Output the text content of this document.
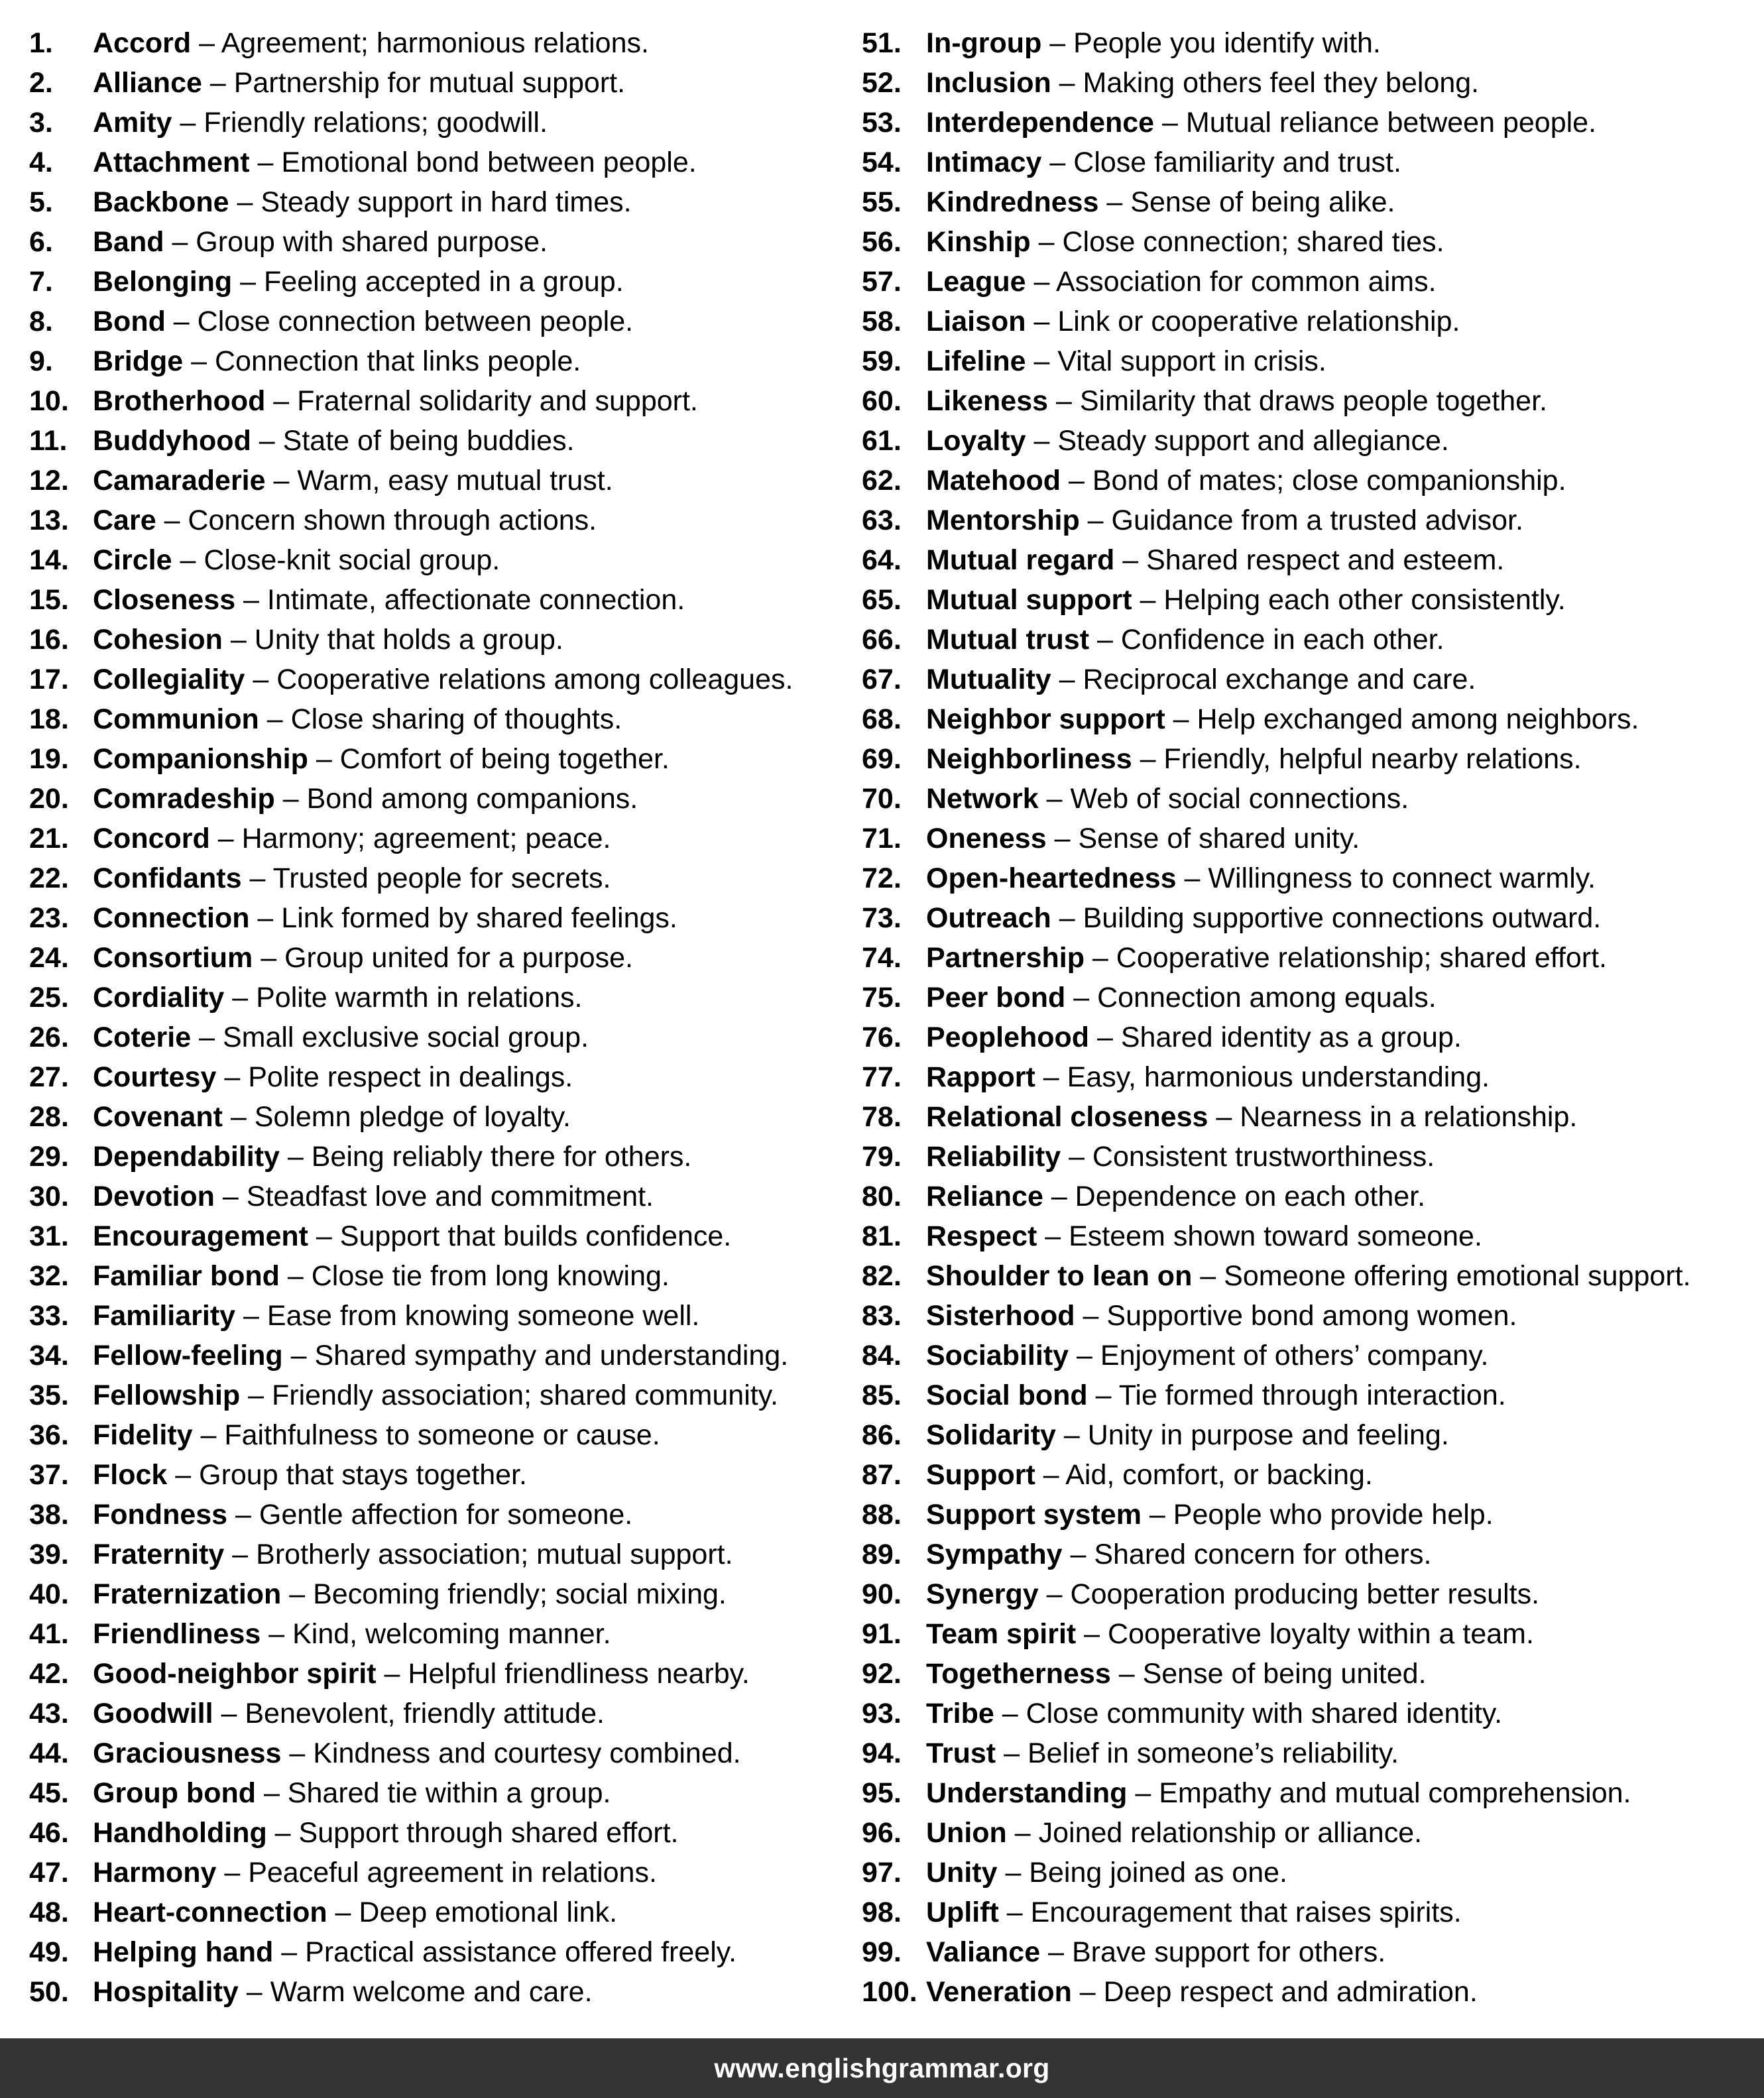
1. Accord – Agreement; harmonious relations.
2. Alliance – Partnership for mutual support.
3. Amity – Friendly relations; goodwill.
4. Attachment – Emotional bond between people.
5. Backbone – Steady support in hard times.
6. Band – Group with shared purpose.
7. Belonging – Feeling accepted in a group.
8. Bond – Close connection between people.
9. Bridge – Connection that links people.
10. Brotherhood – Fraternal solidarity and support.
11. Buddyhood – State of being buddies.
12. Camaraderie – Warm, easy mutual trust.
13. Care – Concern shown through actions.
14. Circle – Close-knit social group.
15. Closeness – Intimate, affectionate connection.
16. Cohesion – Unity that holds a group.
17. Collegiality – Cooperative relations among colleagues.
18. Communion – Close sharing of thoughts.
19. Companionship – Comfort of being together.
20. Comradeship – Bond among companions.
21. Concord – Harmony; agreement; peace.
22. Confidants – Trusted people for secrets.
23. Connection – Link formed by shared feelings.
24. Consortium – Group united for a purpose.
25. Cordiality – Polite warmth in relations.
26. Coterie – Small exclusive social group.
27. Courtesy – Polite respect in dealings.
28. Covenant – Solemn pledge of loyalty.
29. Dependability – Being reliably there for others.
30. Devotion – Steadfast love and commitment.
31. Encouragement – Support that builds confidence.
32. Familiar bond – Close tie from long knowing.
33. Familiarity – Ease from knowing someone well.
34. Fellow-feeling – Shared sympathy and understanding.
35. Fellowship – Friendly association; shared community.
36. Fidelity – Faithfulness to someone or cause.
37. Flock – Group that stays together.
38. Fondness – Gentle affection for someone.
39. Fraternity – Brotherly association; mutual support.
40. Fraternization – Becoming friendly; social mixing.
41. Friendliness – Kind, welcoming manner.
42. Good-neighbor spirit – Helpful friendliness nearby.
43. Goodwill – Benevolent, friendly attitude.
44. Graciousness – Kindness and courtesy combined.
45. Group bond – Shared tie within a group.
46. Handholding – Support through shared effort.
47. Harmony – Peaceful agreement in relations.
48. Heart-connection – Deep emotional link.
49. Helping hand – Practical assistance offered freely.
50. Hospitality – Warm welcome and care.
51. In-group – People you identify with.
52. Inclusion – Making others feel they belong.
53. Interdependence – Mutual reliance between people.
54. Intimacy – Close familiarity and trust.
55. Kindredness – Sense of being alike.
56. Kinship – Close connection; shared ties.
57. League – Association for common aims.
58. Liaison – Link or cooperative relationship.
59. Lifeline – Vital support in crisis.
60. Likeness – Similarity that draws people together.
61. Loyalty – Steady support and allegiance.
62. Matehood – Bond of mates; close companionship.
63. Mentorship – Guidance from a trusted advisor.
64. Mutual regard – Shared respect and esteem.
65. Mutual support – Helping each other consistently.
66. Mutual trust – Confidence in each other.
67. Mutuality – Reciprocal exchange and care.
68. Neighbor support – Help exchanged among neighbors.
69. Neighborliness – Friendly, helpful nearby relations.
70. Network – Web of social connections.
71. Oneness – Sense of shared unity.
72. Open-heartedness – Willingness to connect warmly.
73. Outreach – Building supportive connections outward.
74. Partnership – Cooperative relationship; shared effort.
75. Peer bond – Connection among equals.
76. Peoplehood – Shared identity as a group.
77. Rapport – Easy, harmonious understanding.
78. Relational closeness – Nearness in a relationship.
79. Reliability – Consistent trustworthiness.
80. Reliance – Dependence on each other.
81. Respect – Esteem shown toward someone.
82. Shoulder to lean on – Someone offering emotional support.
83. Sisterhood – Supportive bond among women.
84. Sociability – Enjoyment of others’ company.
85. Social bond – Tie formed through interaction.
86. Solidarity – Unity in purpose and feeling.
87. Support – Aid, comfort, or backing.
88. Support system – People who provide help.
89. Sympathy – Shared concern for others.
90. Synergy – Cooperation producing better results.
91. Team spirit – Cooperative loyalty within a team.
92. Togetherness – Sense of being united.
93. Tribe – Close community with shared identity.
94. Trust – Belief in someone’s reliability.
95. Understanding – Empathy and mutual comprehension.
96. Union – Joined relationship or alliance.
97. Unity – Being joined as one.
98. Uplift – Encouragement that raises spirits.
99. Valiance – Brave support for others.
100. Veneration – Deep respect and admiration.
www.englishgrammar.org
